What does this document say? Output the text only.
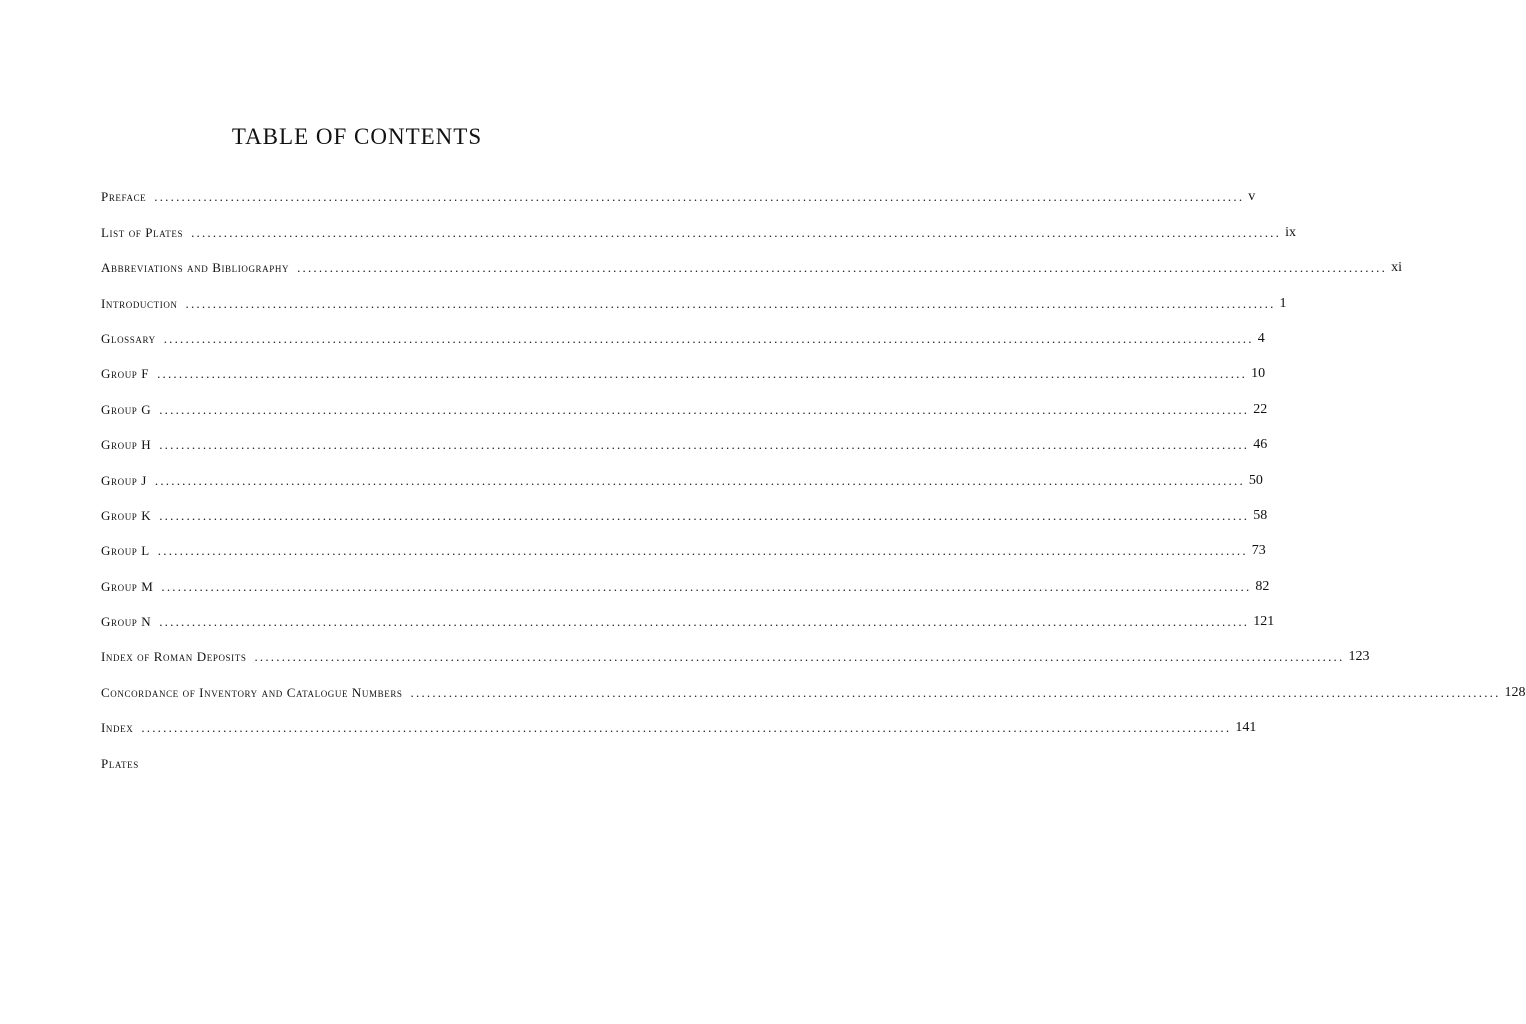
TABLE OF CONTENTS
Preface ........................................................................................................................................................................................................ v
List of Plates ........................................................................................................................................................................................................ ix
Abbreviations and Bibliography ........................................................................................................................................................................................................ xi
Introduction ........................................................................................................................................................................................................ 1
Glossary ........................................................................................................................................................................................................ 4
Group F ........................................................................................................................................................................................................ 10
Group G ........................................................................................................................................................................................................ 22
Group H ........................................................................................................................................................................................................ 46
Group J ........................................................................................................................................................................................................ 50
Group K ........................................................................................................................................................................................................ 58
Group L ........................................................................................................................................................................................................ 73
Group M ........................................................................................................................................................................................................ 82
Group N ........................................................................................................................................................................................................ 121
Index of Roman Deposits ........................................................................................................................................................................................................ 123
Concordance of Inventory and Catalogue Numbers ........................................................................................................................................................................................................ 128
Index ........................................................................................................................................................................................................ 141
Plates
